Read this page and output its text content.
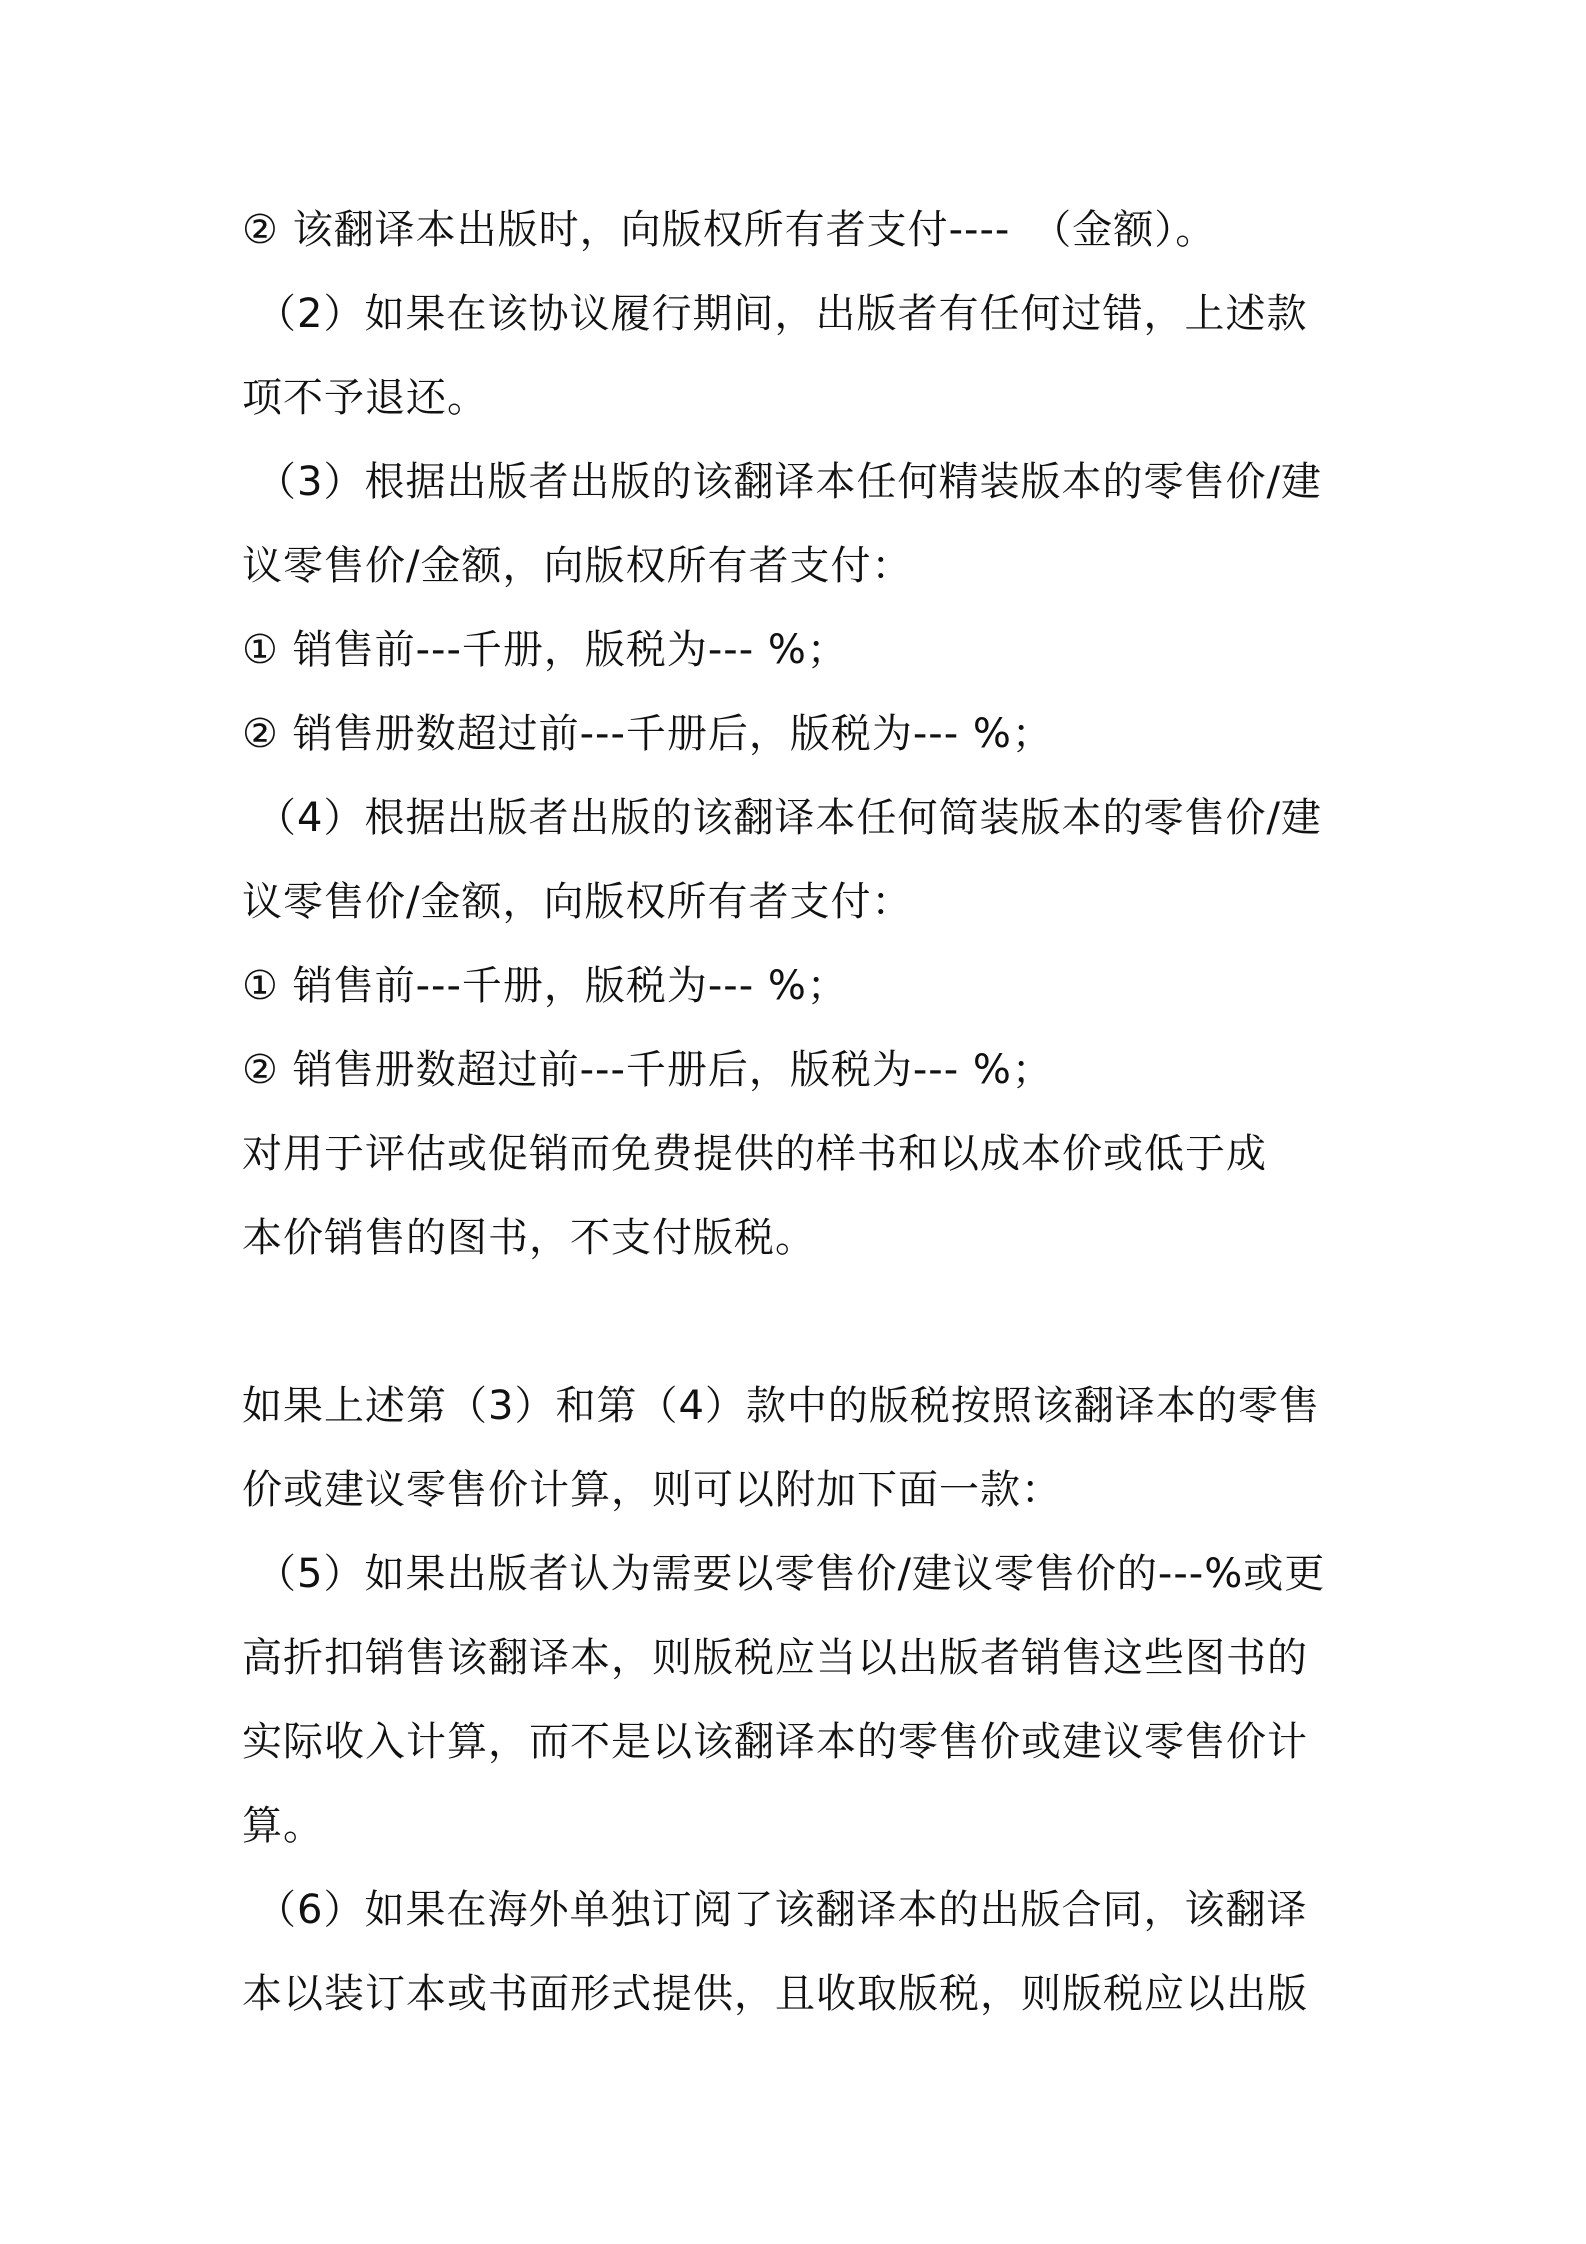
② 该翻译本出版时，向版权所有者支付----　（金额）。
（2）如果在该协议履行期间，出版者有任何过错，上述款
项不予退还。
（3）根据出版者出版的该翻译本任何精装版本的零售价/建
议零售价/金额，向版权所有者支付：
① 销售前---千册，版税为--- %；
② 销售册数超过前---千册后，版税为--- %；
（4）根据出版者出版的该翻译本任何简装版本的零售价/建
议零售价/金额，向版权所有者支付：
① 销售前---千册，版税为--- %；
② 销售册数超过前---千册后，版税为--- %；
对用于评估或促销而免费提供的样书和以成本价或低于成
本价销售的图书，不支付版税。
如果上述第（3）和第（4）款中的版税按照该翻译本的零售
价或建议零售价计算，则可以附加下面一款：
（5）如果出版者认为需要以零售价/建议零售价的---%或更
高折扣销售该翻译本，则版税应当以出版者销售这些图书的
实际收入计算，而不是以该翻译本的零售价或建议零售价计
算。
（6）如果在海外单独订阅了该翻译本的出版合同，该翻译
本以装订本或书面形式提供，且收取版税，则版税应以出版
